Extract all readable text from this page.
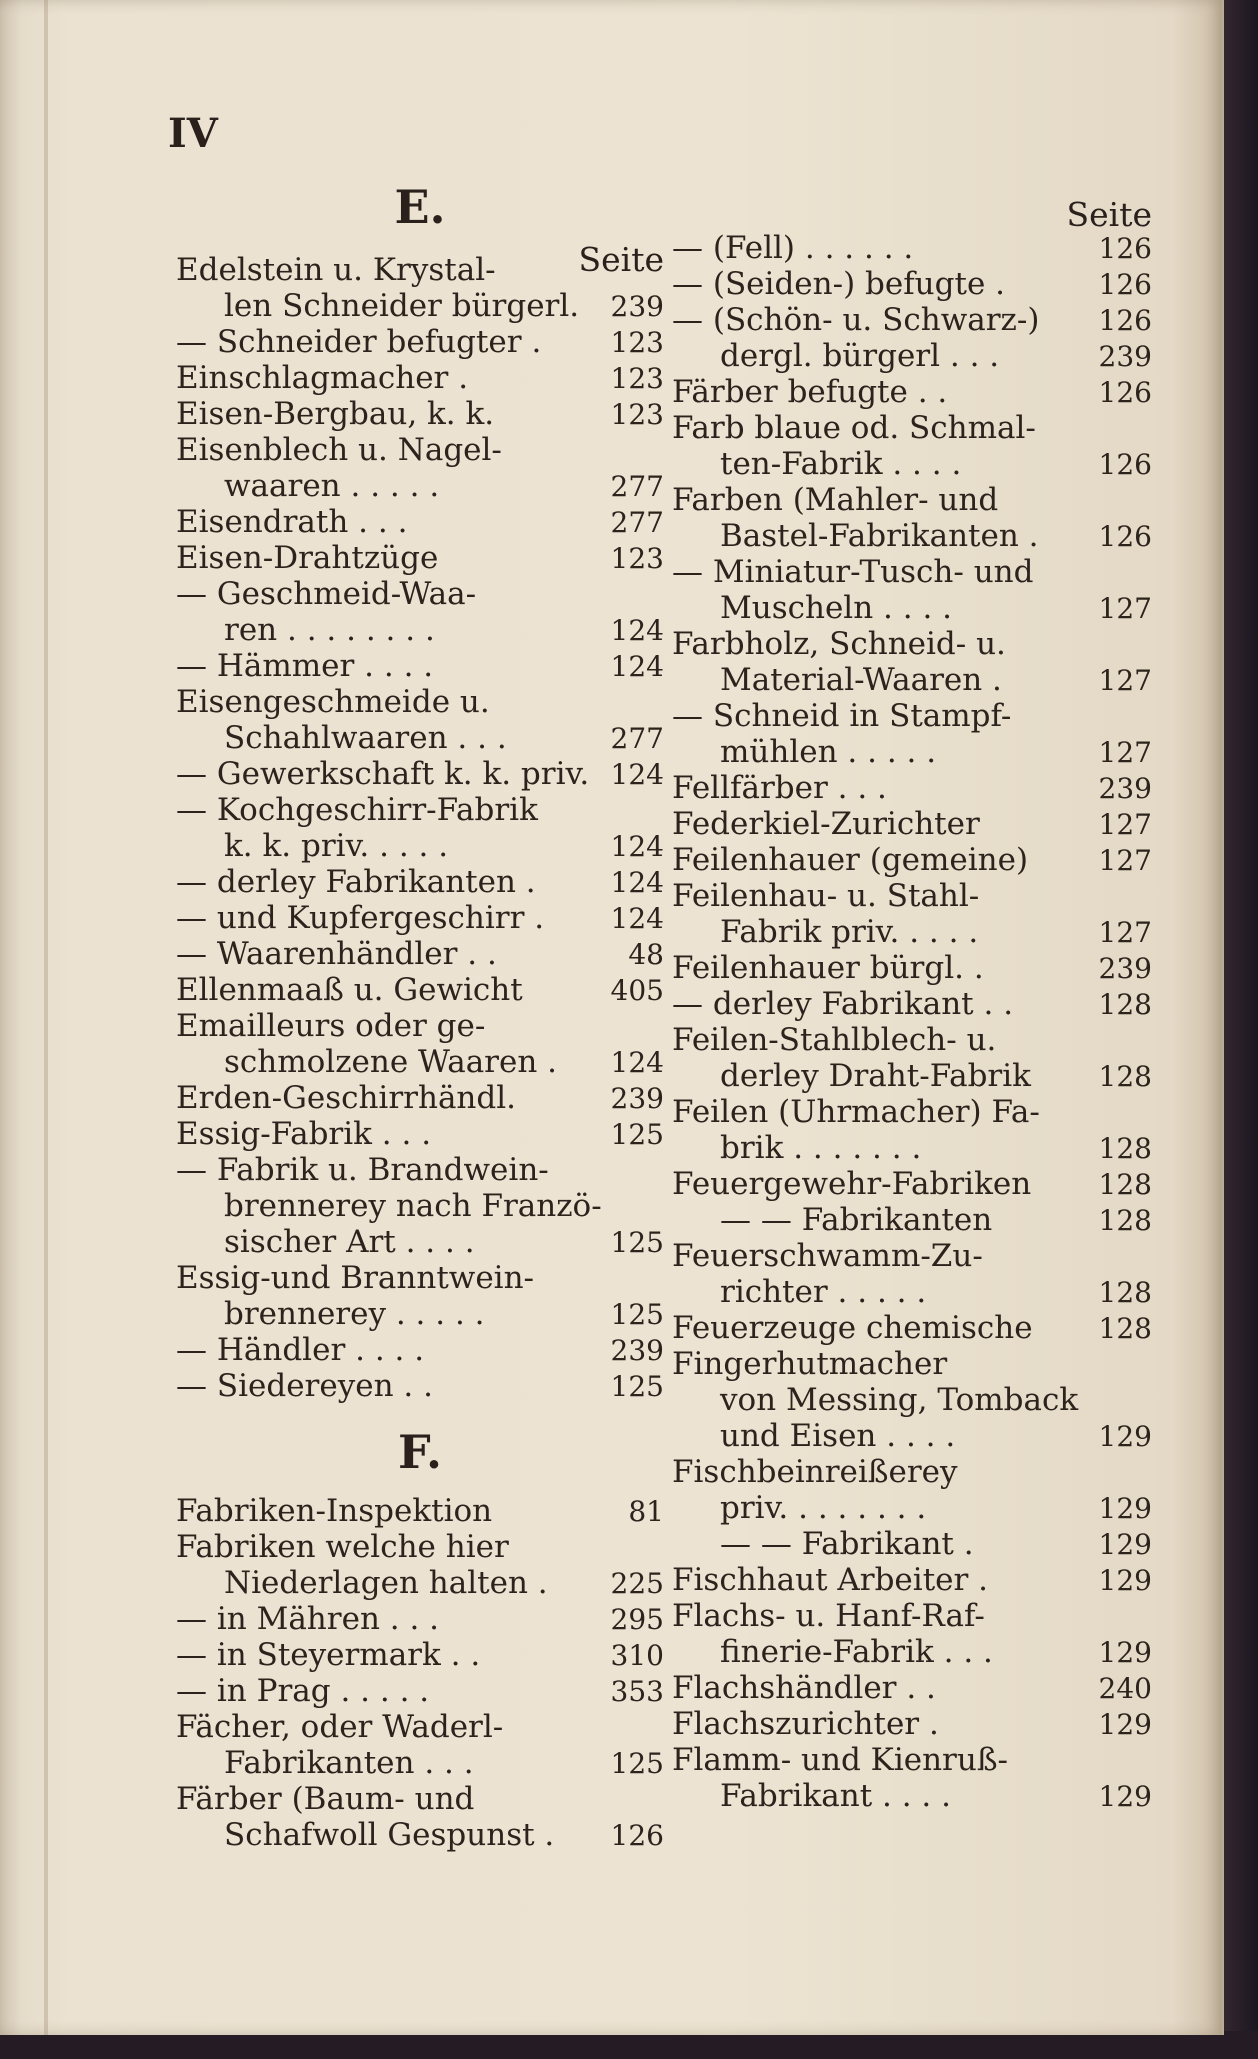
IV
E.
Seite
F.
Edelstein u. Krystal-
len Schneider bürgerl.	239
— Schneider befugter .	123
Einschlagmacher .	123
Eisen-Bergbau, k. k.	123
Eisenblech u. Nagel-
waaren . . . . .	277
Eisendrath . . .	277
Eisen-Drahtzüge	123
— Geschmeid-Waa-
ren . . . . . . . .	124
— Hämmer . . . .	124
Eisengeschmeide u.
Schahlwaaren . . .	277
— Gewerkschaft k. k. priv. 124
— Kochgeschirr-Fabrik
k. k. priv. . . . .	124
— derley Fabrikanten .	124
— und Kupfergeschirr .	124
— Waarenhändler . .	48
Ellenmaaß u. Gewicht	405
Emailleurs oder ge-
schmolzene Waaren .	124
Erden-Geschirrhändl.	239
Essig-Fabrik . . .	125
— Fabrik u. Brandwein-
brennerey nach Franzö-
sischer Art . . . .	125
Essig-und Branntwein-
brennerey . . . . .	125
— Händler . . . .	239
— Siedereyen . .	125
Fabriken-Inspektion	81
Fabriken welche hier
Niederlagen halten .	225
— in Mähren . . .	295
— in Steyermark . .	310
— in Prag . . . . .	353
Fächer, oder Waderl-
Fabrikanten . . .	125
Färber (Baum- und
Schafwoll Gespunst .	126
Seite
— (Fell) . . . . . .	126
— (Seiden-) befugte .	126
— (Schön- u. Schwarz-)	126
dergl. bürgerl . . .	239
Färber befugte . .	126
Farb blaue od. Schmal-
ten-Fabrik . . . .	126
Farben (Mahler- und
Bastel-Fabrikanten .	126
— Miniatur-Tusch- und
Muscheln . . . .	127
Farbholz, Schneid- u.
Material-Waaren .	127
— Schneid in Stampf-
mühlen . . . . .	127
Fellfärber . . .	239
Federkiel-Zurichter	127
Feilenhauer (gemeine)	127
Feilenhau- u. Stahl-
Fabrik priv. . . . .	127
Feilenhauer bürgl. .	239
— derley Fabrikant . .	128
Feilen-Stahlblech- u.
derley Draht-Fabrik	128
Feilen (Uhrmacher) Fa-
brik . . . . . . .	128
Feuergewehr-Fabriken	128
— — Fabrikanten	128
Feuerschwamm-Zu-
richter . . . . .	128
Feuerzeuge chemische	128
Fingerhutmacher
von Messing, Tomback
und Eisen . . . .	129
Fischbeinreißerey
priv. . . . . . . .	129
— — Fabrikant .	129
Fischhaut Arbeiter .	129
Flachs- u. Hanf-Raf-
finerie-Fabrik . . .	129
Flachshändler . .	240
Flachszurichter .	129
Flamm- und Kienruß-
Fabrikant . . . .	129
